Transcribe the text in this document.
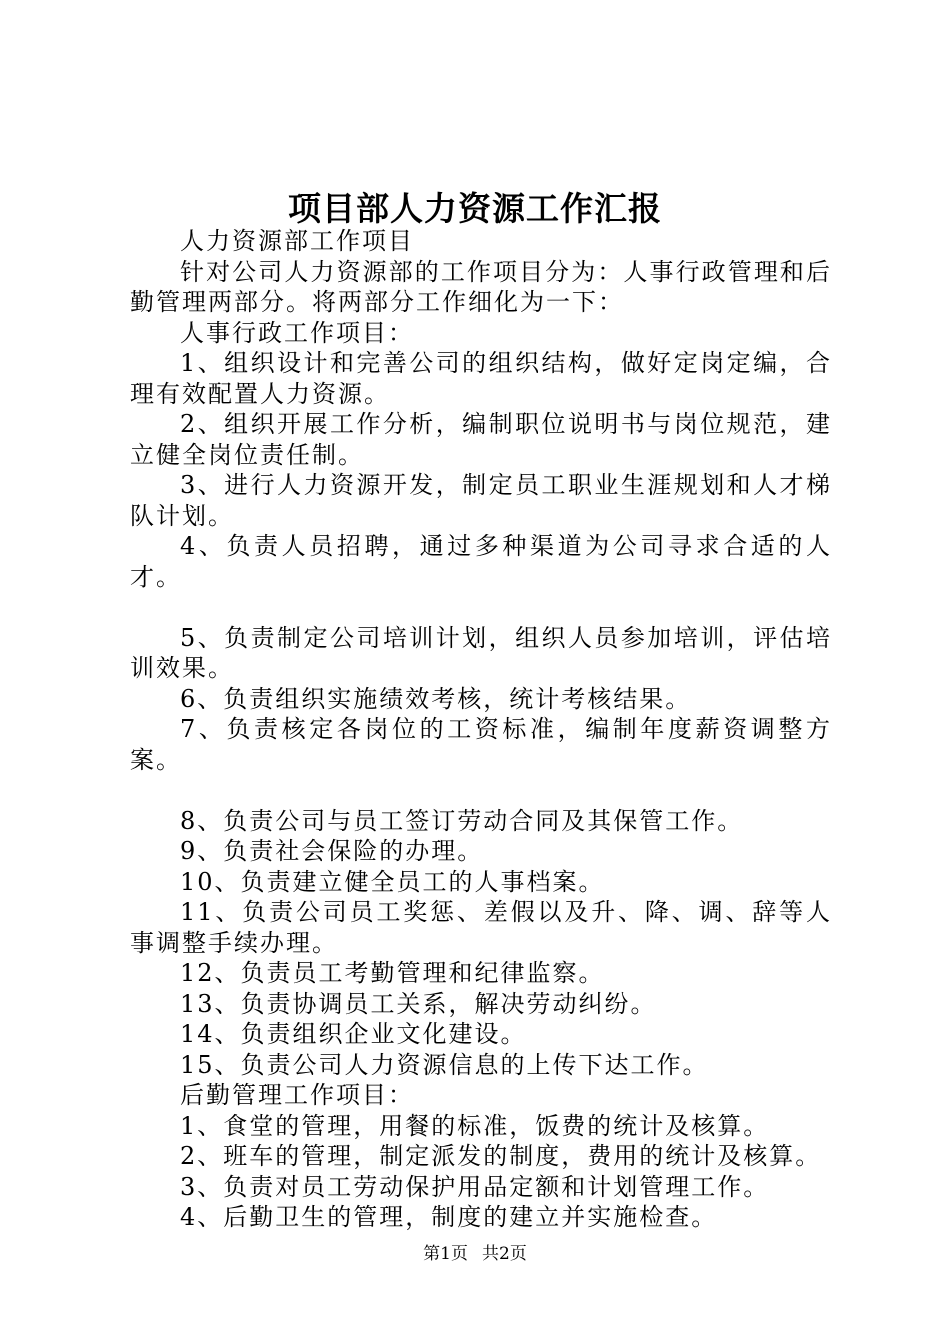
项目部人力资源工作汇报

人力资源部工作项目

针对公司人力资源部的工作项目分为：人事行政管理和后勤管理两部分。将两部分工作细化为一下：

人事行政工作项目：

1、组织设计和完善公司的组织结构，做好定岗定编，合理有效配置人力资源。

2、组织开展工作分析，编制职位说明书与岗位规范，建立健全岗位责任制。

3、进行人力资源开发，制定员工职业生涯规划和人才梯队计划。

4、负责人员招聘，通过多种渠道为公司寻求合适的人才。

5、负责制定公司培训计划，组织人员参加培训，评估培训效果。

6、负责组织实施绩效考核，统计考核结果。

7、负责核定各岗位的工资标准，编制年度薪资调整方案。

8、负责公司与员工签订劳动合同及其保管工作。

9、负责社会保险的办理。

10、负责建立健全员工的人事档案。

11、负责公司员工奖惩、差假以及升、降、调、辞等人事调整手续办理。

12、负责员工考勤管理和纪律监察。

13、负责协调员工关系，解决劳动纠纷。

14、负责组织企业文化建设。

15、负责公司人力资源信息的上传下达工作。

后勤管理工作项目：

1、食堂的管理，用餐的标准，饭费的统计及核算。

2、班车的管理，制定派发的制度，费用的统计及核算。

3、负责对员工劳动保护用品定额和计划管理工作。

4、后勤卫生的管理，制度的建立并实施检查。

第1页 共2页
